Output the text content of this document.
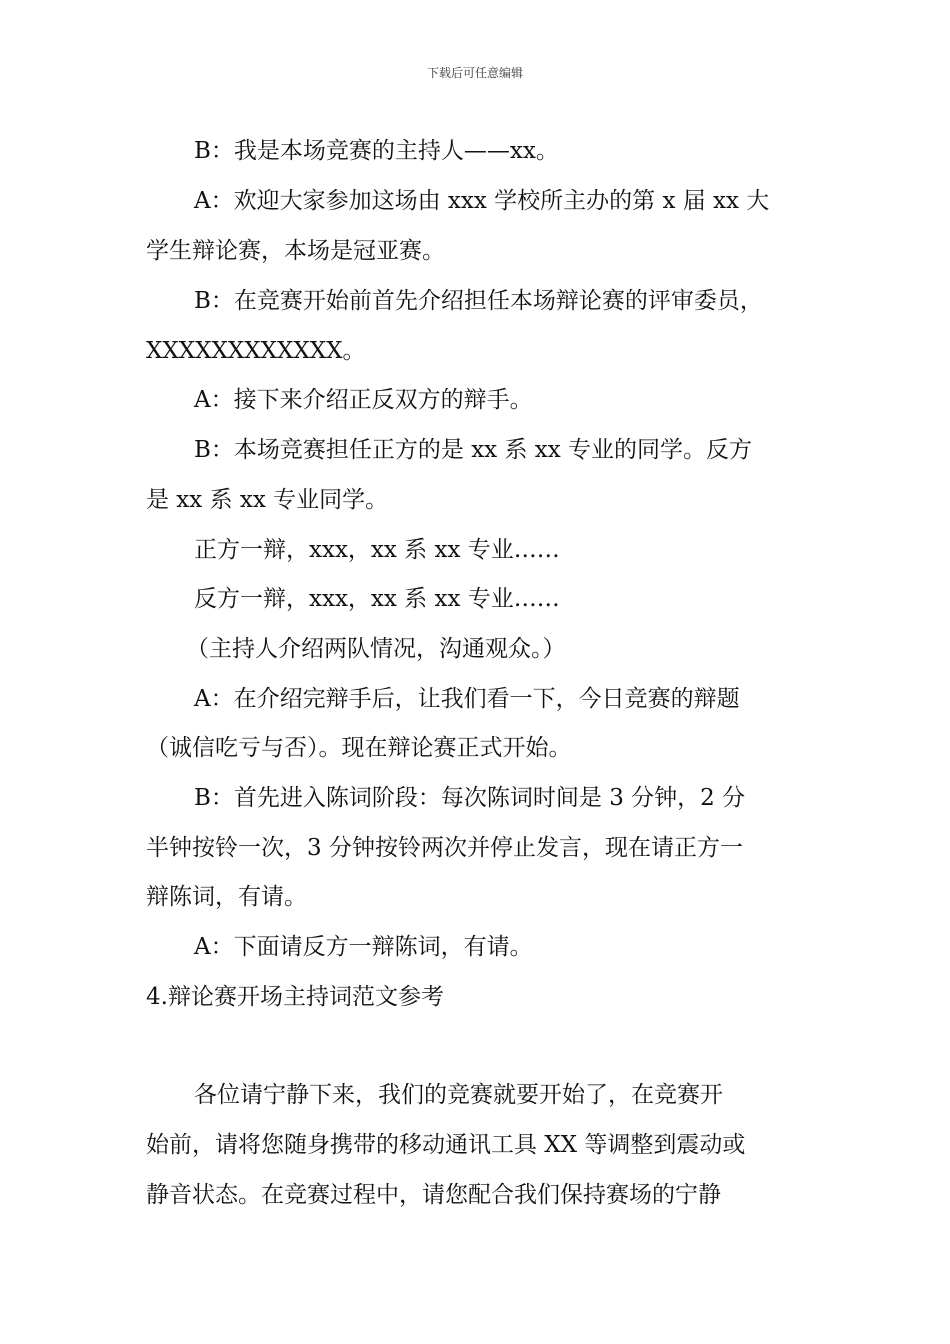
下载后可任意编辑
B：我是本场竞赛的主持人——xx。
A：欢迎大家参加这场由 xxx 学校所主办的第 x 届 xx 大
学生辩论赛，本场是冠亚赛。
B：在竞赛开始前首先介绍担任本场辩论赛的评审委员，
XXXXXXXXXXXX。
A：接下来介绍正反双方的辩手。
B：本场竞赛担任正方的是 xx 系 xx 专业的同学。反方
是 xx 系 xx 专业同学。
正方一辩，xxx，xx 系 xx 专业……
反方一辩，xxx，xx 系 xx 专业……
（主持人介绍两队情况，沟通观众。）
A：在介绍完辩手后，让我们看一下，今日竞赛的辩题
（诚信吃亏与否）。现在辩论赛正式开始。
B：首先进入陈词阶段：每次陈词时间是 3 分钟，2 分
半钟按铃一次，3 分钟按铃两次并停止发言，现在请正方一
辩陈词，有请。
A：下面请反方一辩陈词，有请。
4.辩论赛开场主持词范文参考
各位请宁静下来，我们的竞赛就要开始了，在竞赛开
始前，请将您随身携带的移动通讯工具 XX 等调整到震动或
静音状态。在竞赛过程中，请您配合我们保持赛场的宁静
